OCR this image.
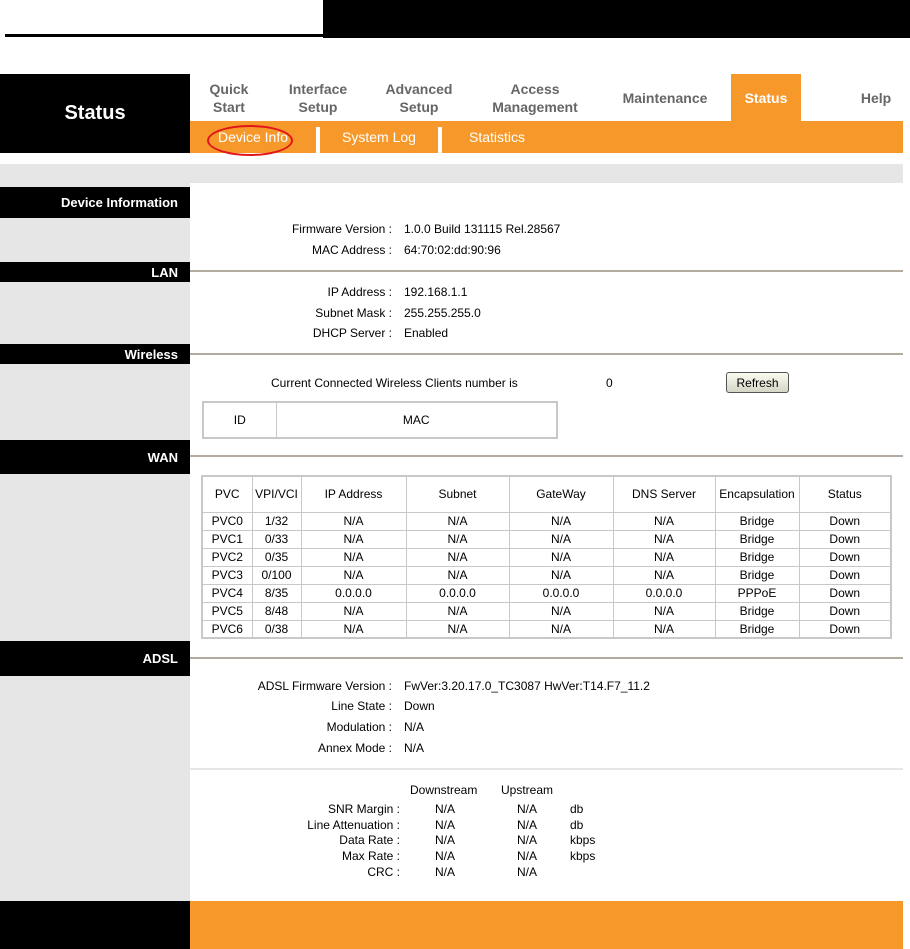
Status
Quick
Start
Interface
Setup
Advanced
Setup
Access
Management
Maintenance	Status	Help
Device Info	System Log	Statistics
Device Information
Firmware Version : 1.0.0 Build 131115 Rel.28567
MAC Address : 64:70:02:dd:90:96
LAN
IP Address : 192.168.1.1
Subnet Mask : 255.255.255.0
DHCP Server : Enabled
Wireless
Current Connected Wireless Clients number is	0	Refresh
ID	MAC
WAN
PVC	VPI/VCI	IP Address	Subnet	GateWay	DNS Server	Encapsulation	Status
PVC0	1/32	N/A	N/A	N/A	N/A	Bridge	Down
PVC1	0/33	N/A	N/A	N/A	N/A	Bridge	Down
PVC2	0/35	N/A	N/A	N/A	N/A	Bridge	Down
PVC3	0/100	N/A	N/A	N/A	N/A	Bridge	Down
PVC4	8/35	0.0.0.0	0.0.0.0	0.0.0.0	0.0.0.0	PPPoE	Down
PVC5	8/48	N/A	N/A	N/A	N/A	Bridge	Down
PVC6	0/38	N/A	N/A	N/A	N/A	Bridge	Down
ADSL
ADSL Firmware Version : FwVer:3.20.17.0_TC3087 HwVer:T14.F7_11.2
Line State : Down
Modulation : N/A
Annex Mode : N/A
Downstream Upstream
SNR Margin :	N/A	N/A	db
Line Attenuation :	N/A	N/A	db
Data Rate :	N/A	N/A	kbps
Max Rate :	N/A	N/A	kbps
CRC :	N/A	N/A
